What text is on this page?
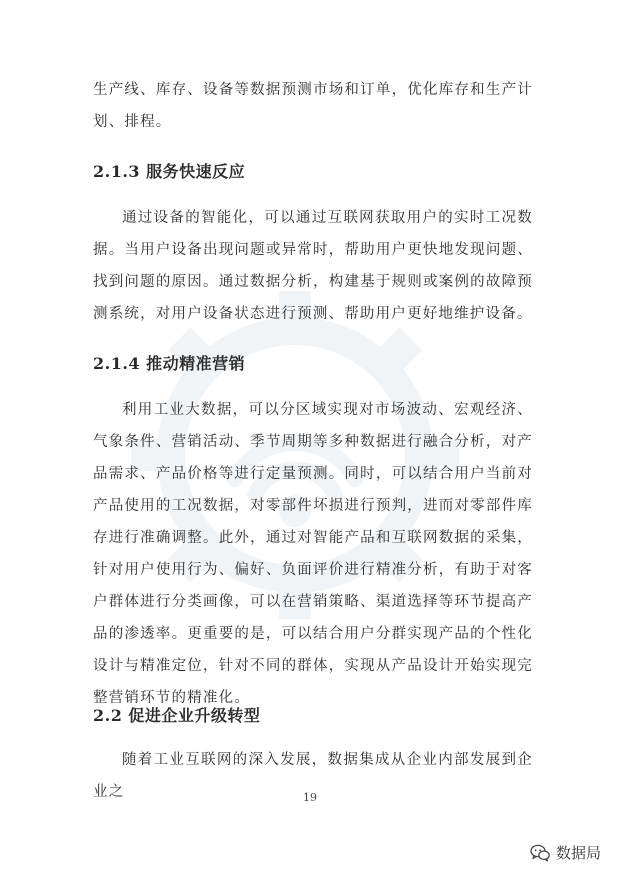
生产线、库存、设备等数据预测市场和订单，优化库存和生产计划、排程。

2.1.3 服务快速反应

通过设备的智能化，可以通过互联网获取用户的实时工况数据。当用户设备出现问题或异常时，帮助用户更快地发现问题、找到问题的原因。通过数据分析，构建基于规则或案例的故障预测系统，对用户设备状态进行预测、帮助用户更好地维护设备。

2.1.4 推动精准营销

利用工业大数据，可以分区域实现对市场波动、宏观经济、气象条件、营销活动、季节周期等多种数据进行融合分析，对产品需求、产品价格等进行定量预测。同时，可以结合用户当前对产品使用的工况数据，对零部件坏损进行预判，进而对零部件库存进行准确调整。此外，通过对智能产品和互联网数据的采集，针对用户使用行为、偏好、负面评价进行精准分析，有助于对客户群体进行分类画像，可以在营销策略、渠道选择等环节提高产品的渗透率。更重要的是，可以结合用户分群实现产品的个性化设计与精准定位，针对不同的群体，实现从产品设计开始实现完整营销环节的精准化。

2.2 促进企业升级转型

随着工业互联网的深入发展，数据集成从企业内部发展到企业之	19
数据局
